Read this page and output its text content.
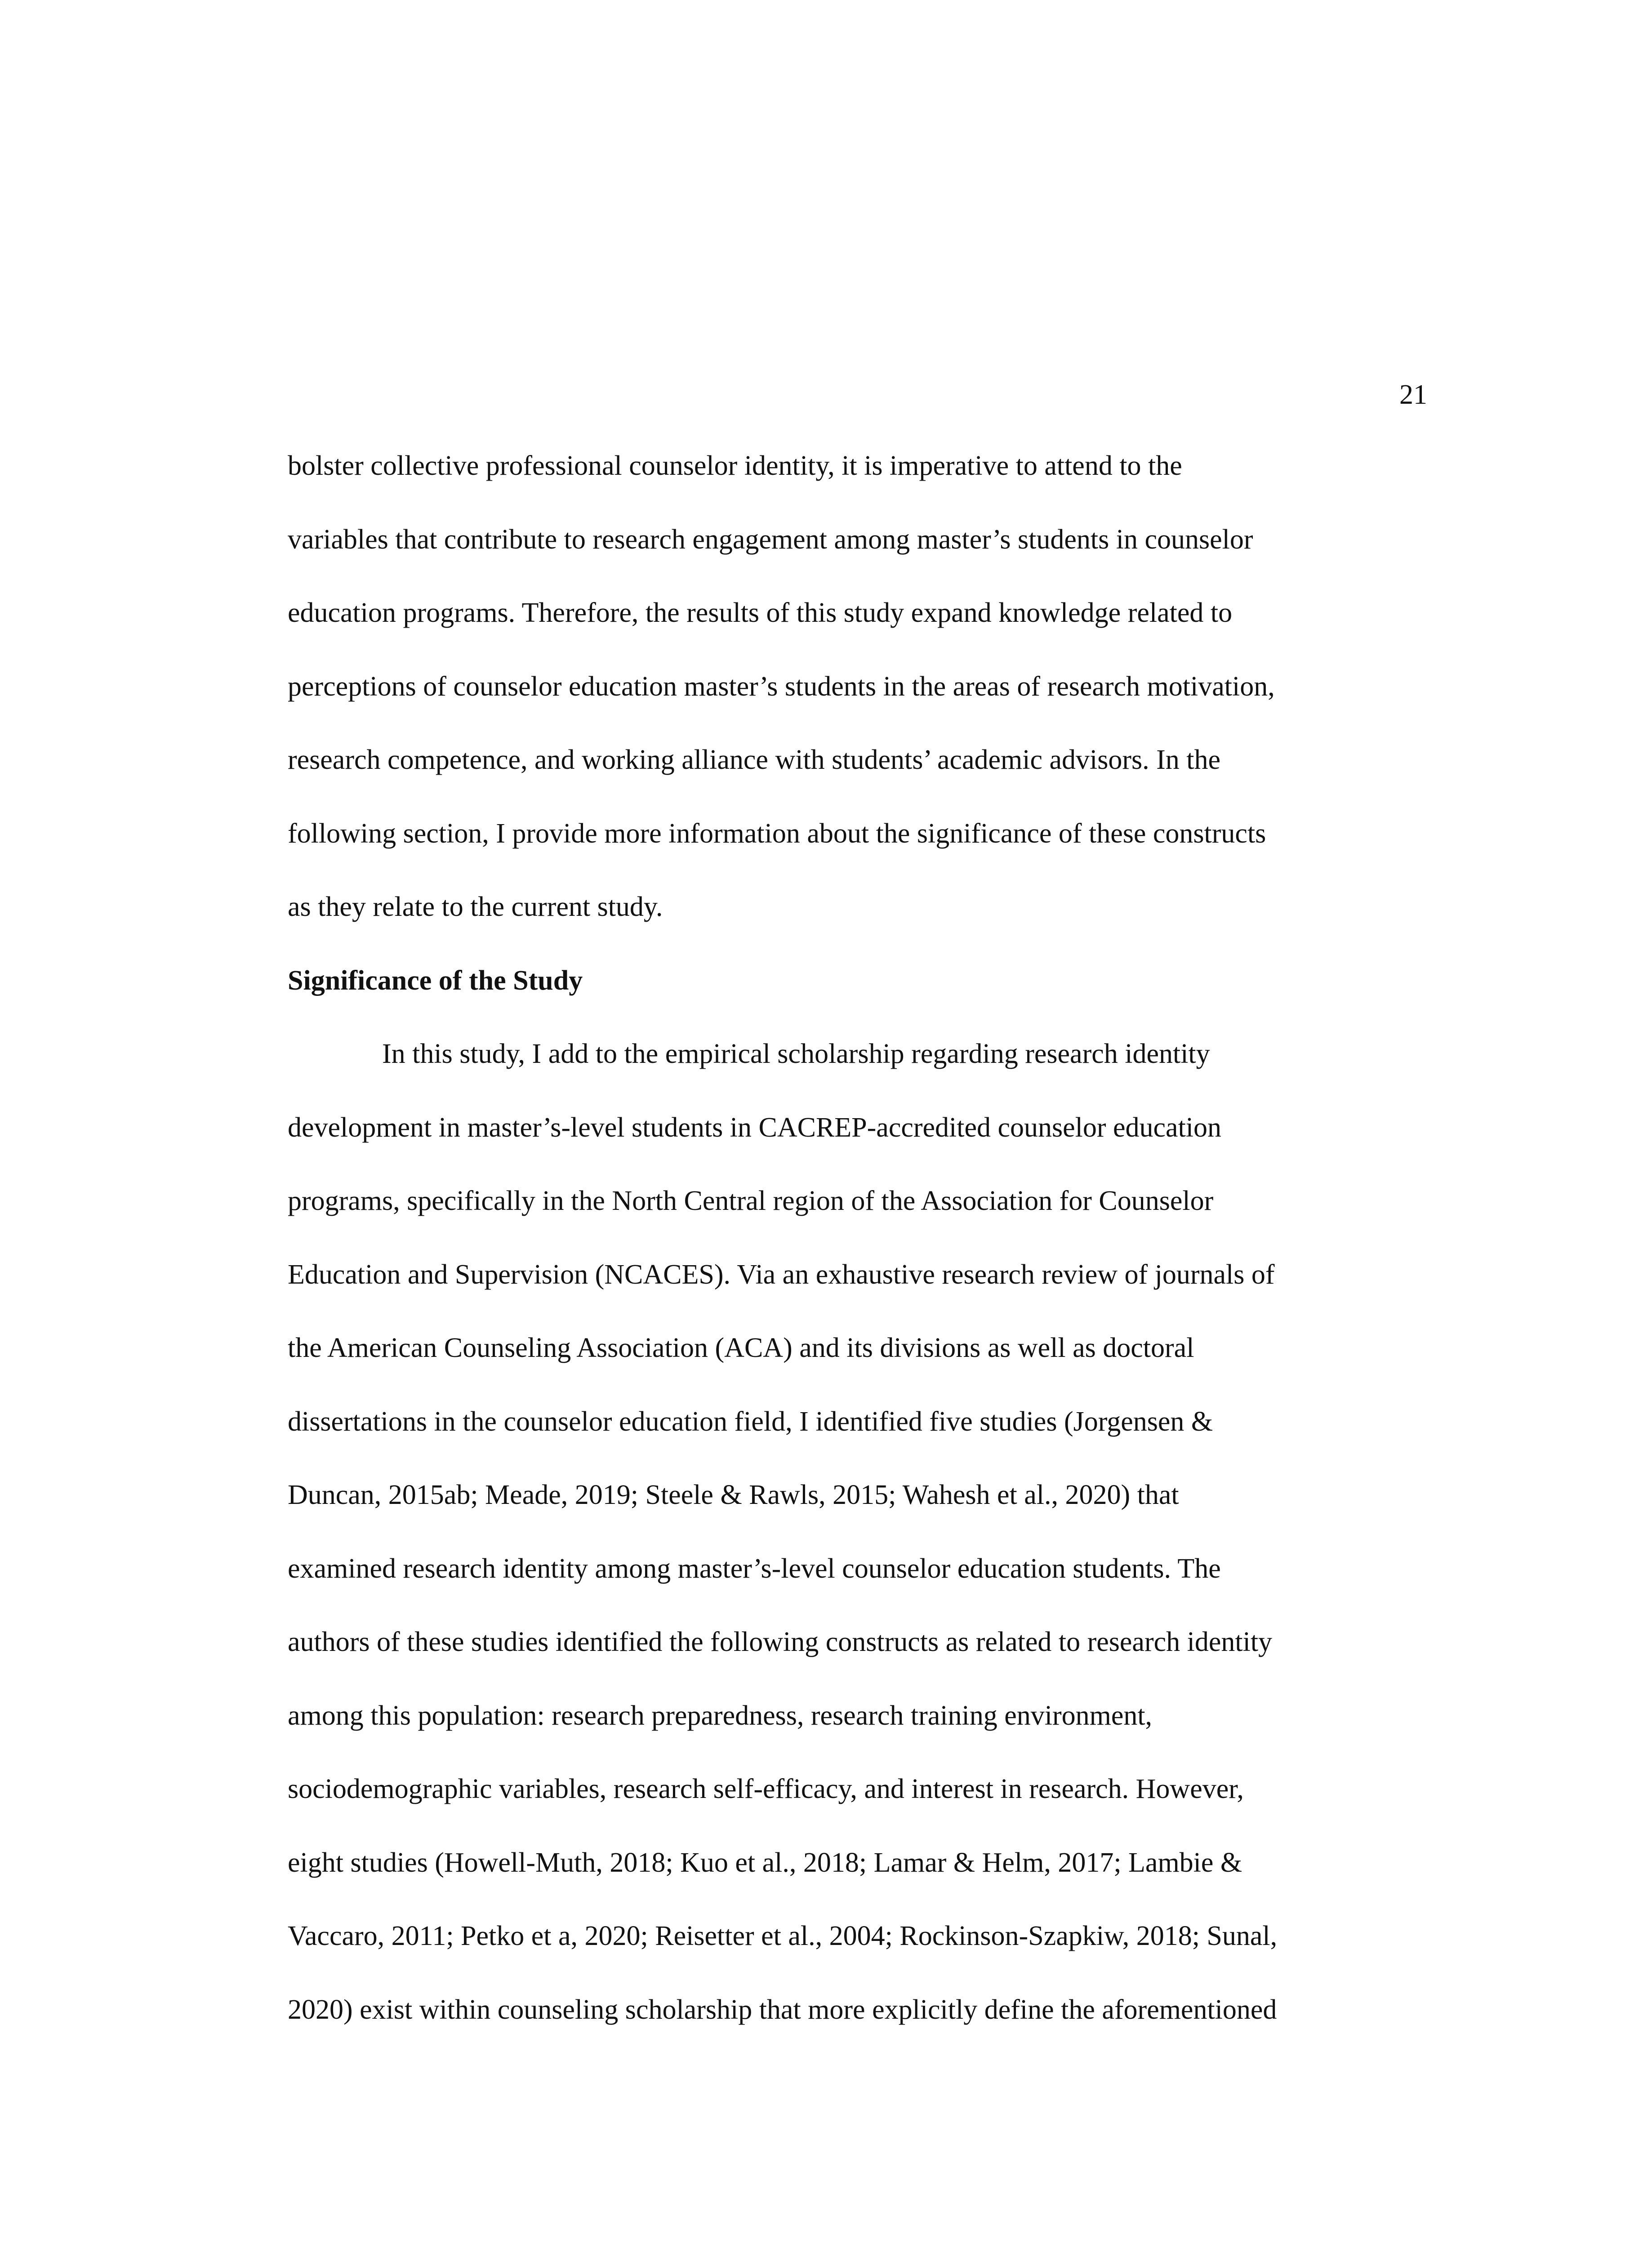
21
bolster collective professional counselor identity, it is imperative to attend to the
variables that contribute to research engagement among master’s students in counselor
education programs. Therefore, the results of this study expand knowledge related to
perceptions of counselor education master’s students in the areas of research motivation,
research competence, and working alliance with students’ academic advisors. In the
following section, I provide more information about the significance of these constructs
as they relate to the current study.
Significance of the Study
In this study, I add to the empirical scholarship regarding research identity
development in master’s-level students in CACREP-accredited counselor education
programs, specifically in the North Central region of the Association for Counselor
Education and Supervision (NCACES). Via an exhaustive research review of journals of
the American Counseling Association (ACA) and its divisions as well as doctoral
dissertations in the counselor education field, I identified five studies (Jorgensen &
Duncan, 2015ab; Meade, 2019; Steele & Rawls, 2015; Wahesh et al., 2020) that
examined research identity among master’s-level counselor education students. The
authors of these studies identified the following constructs as related to research identity
among this population: research preparedness, research training environment,
sociodemographic variables, research self-efficacy, and interest in research. However,
eight studies (Howell-Muth, 2018; Kuo et al., 2018; Lamar & Helm, 2017; Lambie &
Vaccaro, 2011; Petko et a, 2020; Reisetter et al., 2004; Rockinson-Szapkiw, 2018; Sunal,
2020) exist within counseling scholarship that more explicitly define the aforementioned
